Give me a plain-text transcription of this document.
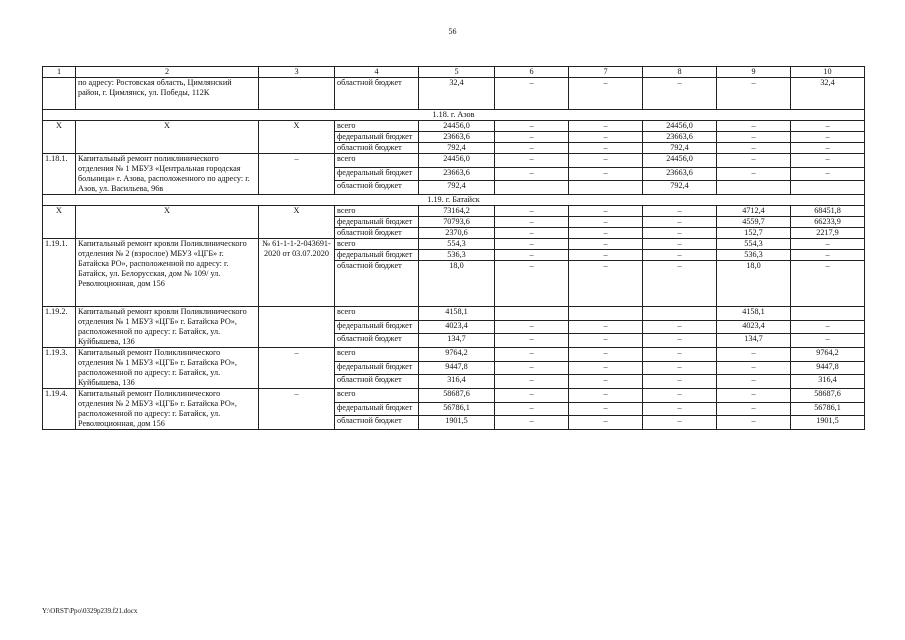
56
1	2	3	4	5	6	7	8	9	10
	по адресу: Ростовская область, Цимлянский район, г. Цимлянск, ул. Победы, 112К		областной бюджет	32,4	–	–	–	–	32,4
1.18. г. Азов									
Х	Х	Х	всего	24456,0	–	–	24456,0	–	–
			федеральный бюджет	23663,6	–	–	23663,6	–	–
			областной бюджет	792,4	–	–	792,4	–	–
1.18.1.	Капитальный ремонт поликлинического отделения № 1 МБУЗ «Центральная городская больница» г. Азова, расположенного по адресу: г. Азов, ул. Васильева, 96в	–	всего	24456,0	–	–	24456,0	–	–
			федеральный бюджет	23663,6	–	–	23663,6	–	–
			областной бюджет	792,4			792,4		
1.19. г. Батайск									
Х	Х	Х	всего	73164,2	–	–	–	4712,4	68451,8
			федеральный бюджет	70793,6	–	–	–	4559,7	66233,9
			областной бюджет	2370,6	–	–	–	152,7	2217,9
1.19.1.	Капитальный ремонт кровли Поликлинического отделения № 2 (взрослое) МБУЗ «ЦГБ» г. Батайска РО», расположенной по адресу: г. Батайск, ул. Белорусская, дом № 109/ ул. Революционная, дом 156	№ 61-1-1-2-043691-2020 от 03.07.2020	всего	554,3	–	–	–	554,3	–
			федеральный бюджет	536,3	–	–	–	536,3	–
			областной бюджет	18,0	–	–	–	18,0	–
1.19.2.	Капитальный ремонт кровли Поликлинического отделения № 1 МБУЗ «ЦГБ» г. Батайска РО», расположенной по адресу: г. Батайск, ул. Куйбышева, 136		всего	4158,1				4158,1	
			федеральный бюджет	4023,4	–	–	–	4023,4	–
			областной бюджет	134,7	–	–	–	134,7	–
1.19.3.	Капитальный ремонт Поликлинического отделения № 1 МБУЗ «ЦГБ» г. Батайска РО», расположенной по адресу: г. Батайск, ул. Куйбышева, 136	–	всего	9764,2	–	–	–	–	9764,2
			федеральный бюджет	9447,8	–	–	–	–	9447,8
			областной бюджет	316,4	–	–	–	–	316,4
1.19.4.	Капитальный ремонт Поликлинического отделения № 2 МБУЗ «ЦГБ» г. Батайска РО», расположенной по адресу: г. Батайск, ул. Революционная, дом 156	–	всего	58687,6	–	–	–	–	58687,6
			федеральный бюджет	56786,1	–	–	–	–	56786,1
			областной бюджет	1901,5	–	–	–	–	1901,5
Y:\ORST\Ppo\0329p239.f21.docx
